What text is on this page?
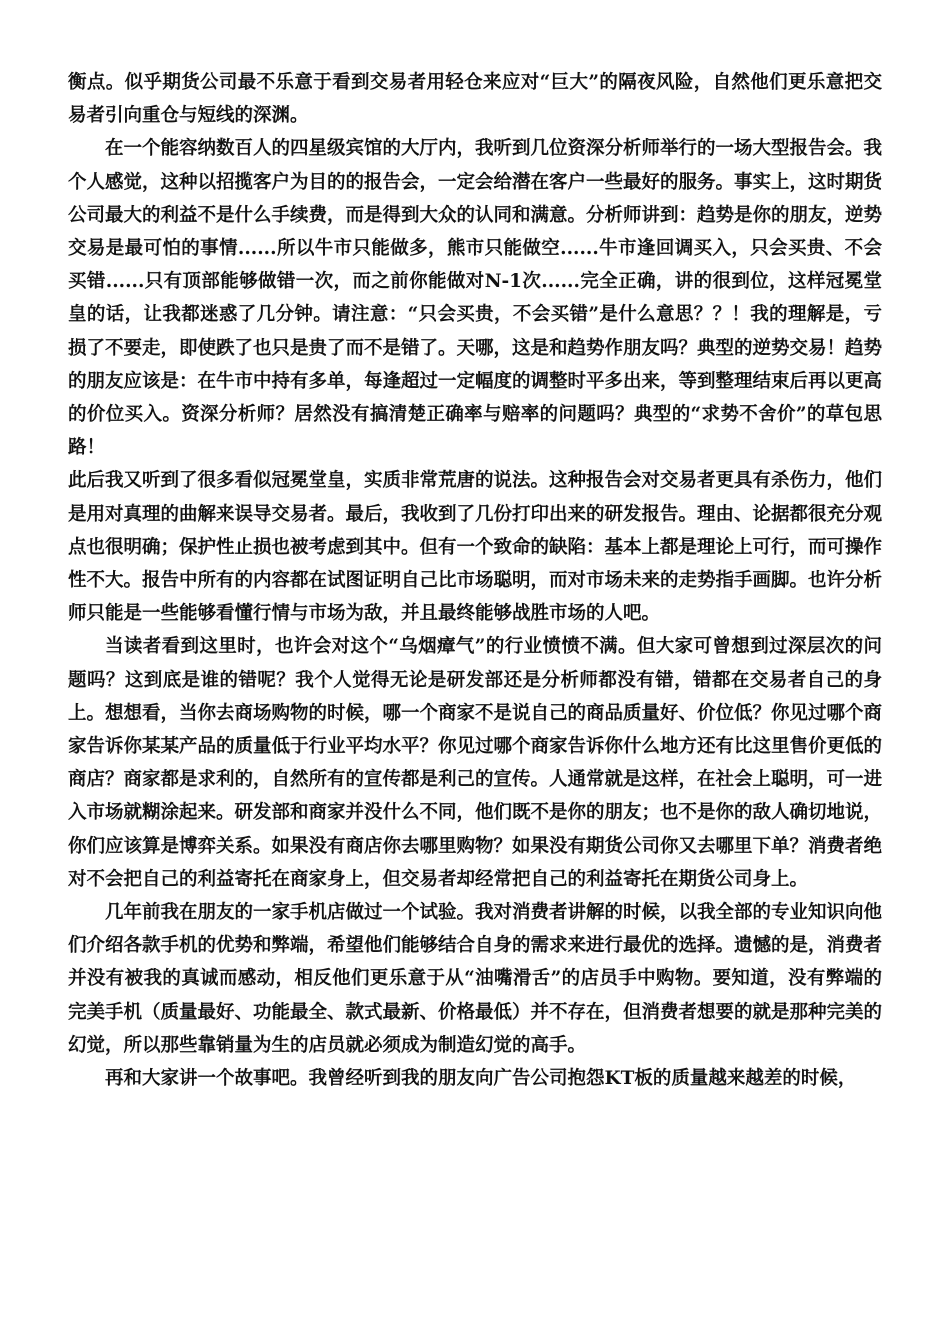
衡点。似乎期货公司最不乐意于看到交易者用轻仓来应对“巨大”的隔夜风险，自然他们更乐意把交易者引向重仓与短线的深渊。

在一个能容纳数百人的四星级宾馆的大厅内，我听到几位资深分析师举行的一场大型报告会。我个人感觉，这种以招揽客户为目的的报告会，一定会给潜在客户一些最好的服务。事实上，这时期货公司最大的利益不是什么手续费，而是得到大众的认同和满意。分析师讲到：趋势是你的朋友，逆势交易是最可怕的事情......所以牛市只能做多，熊市只能做空......牛市逢回调买入，只会买贵、不会买错......只有顶部能够做错一次，而之前你能做对N-1次......完全正确，讲的很到位，这样冠冕堂皇的话，让我都迷惑了几分钟。请注意：“只会买贵，不会买错”是什么意思？？！我的理解是，亏损了不要走，即使跌了也只是贵了而不是错了。天哪，这是和趋势作朋友吗？典型的逆势交易！趋势的朋友应该是：在牛市中持有多单，每逢超过一定幅度的调整时平多出来，等到整理结束后再以更高的价位买入。资深分析师？居然没有搞清楚正确率与赔率的问题吗？典型的“求势不舍价”的草包思路！

此后我又听到了很多看似冠冕堂皇，实质非常荒唐的说法。这种报告会对交易者更具有杀伤力，他们是用对真理的曲解来误导交易者。最后，我收到了几份打印出来的研发报告。理由、论据都很充分观点也很明确；保护性止损也被考虑到其中。但有一个致命的缺陷：基本上都是理论上可行，而可操作性不大。报告中所有的内容都在试图证明自己比市场聪明，而对市场未来的走势指手画脚。也许分析师只能是一些能够看懂行情与市场为敌，并且最终能够战胜市场的人吧。

当读者看到这里时，也许会对这个“乌烟瘴气”的行业愤愤不满。但大家可曾想到过深层次的问题吗？这到底是谁的错呢？我个人觉得无论是研发部还是分析师都没有错，错都在交易者自己的身上。想想看，当你去商场购物的时候，哪一个商家不是说自己的商品质量好、价位低？你见过哪个商家告诉你某某产品的质量低于行业平均水平？你见过哪个商家告诉你什么地方还有比这里售价更低的商店？商家都是求利的，自然所有的宣传都是利己的宣传。人通常就是这样，在社会上聪明，可一进入市场就糊涂起来。研发部和商家并没什么不同，他们既不是你的朋友；也不是你的敌人确切地说，你们应该算是博弈关系。如果没有商店你去哪里购物？如果没有期货公司你又去哪里下单？消费者绝对不会把自己的利益寄托在商家身上，但交易者却经常把自己的利益寄托在期货公司身上。

几年前我在朋友的一家手机店做过一个试验。我对消费者讲解的时候，以我全部的专业知识向他们介绍各款手机的优势和弊端，希望他们能够结合自身的需求来进行最优的选择。遗憾的是，消费者并没有被我的真诚而感动，相反他们更乐意于从“油嘴滑舌”的店员手中购物。要知道，没有弊端的完美手机（质量最好、功能最全、款式最新、价格最低）并不存在，但消费者想要的就是那种完美的幻觉，所以那些靠销量为生的店员就必须成为制造幻觉的高手。

再和大家讲一个故事吧。我曾经听到我的朋友向广告公司抱怨KT板的质量越来越差的时候，
